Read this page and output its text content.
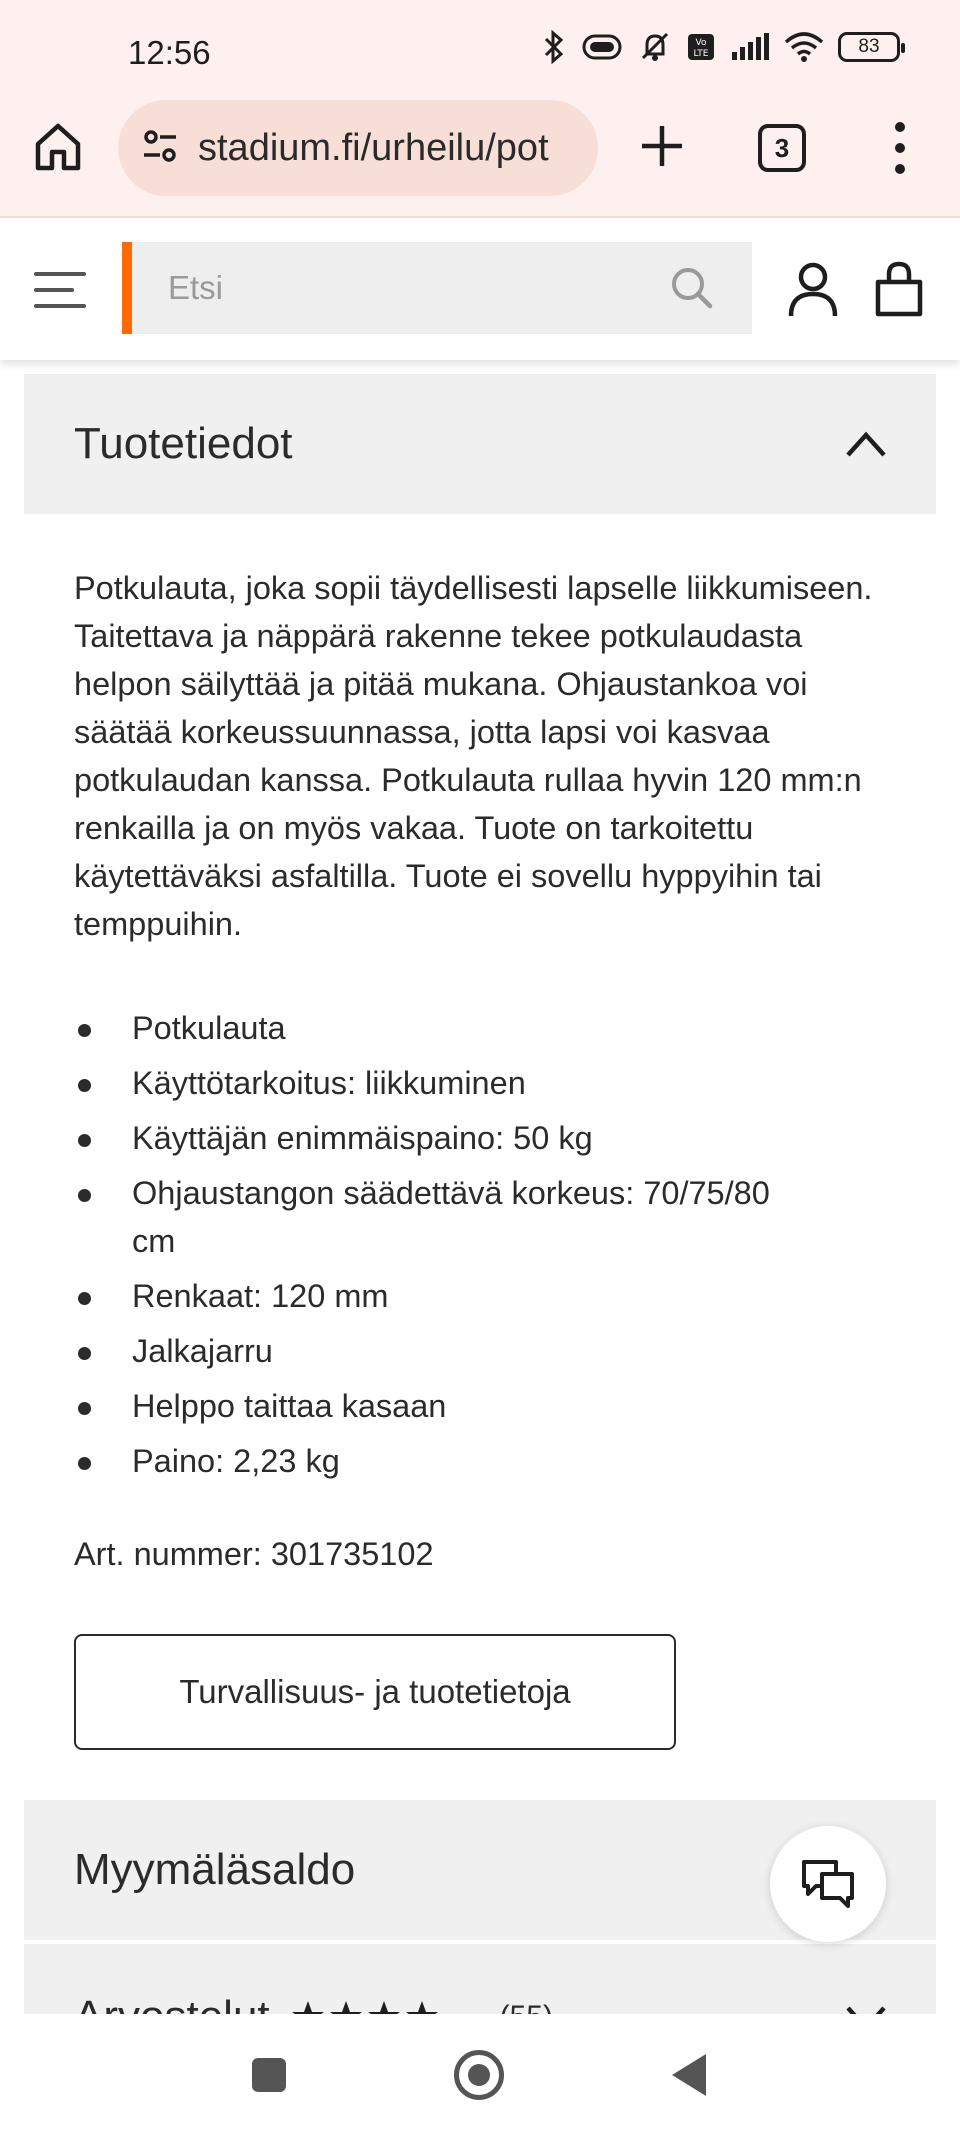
12:56	Vo
LTE	83
stadium.fi/urheilu/pot	3
Etsi
Tuotetiedot

Potkulauta, joka sopii täydellisesti lapselle liikkumiseen. Taitettava ja näppärä rakenne tekee potkulaudasta helpon säilyttää ja pitää mukana. Ohjaustankoa voi säätää korkeussuunnassa, jotta lapsi voi kasvaa potkulaudan kanssa. Potkulauta rullaa hyvin 120 mm:n renkailla ja on myös vakaa. Tuote on tarkoitettu käytettäväksi asfaltilla. Tuote ei sovellu hyppyihin tai temppuihin.

Potkulauta
Käyttötarkoitus: liikkuminen
Käyttäjän enimmäispaino: 50 kg
Ohjaustangon säädettävä korkeus: 70/75/80 cm
Renkaat: 120 mm
Jalkajarru
Helppo taittaa kasaan
Paino: 2,23 kg
Art. nummer: 301735102
Turvallisuus- ja tuotetietoja
Myymäläsaldo
